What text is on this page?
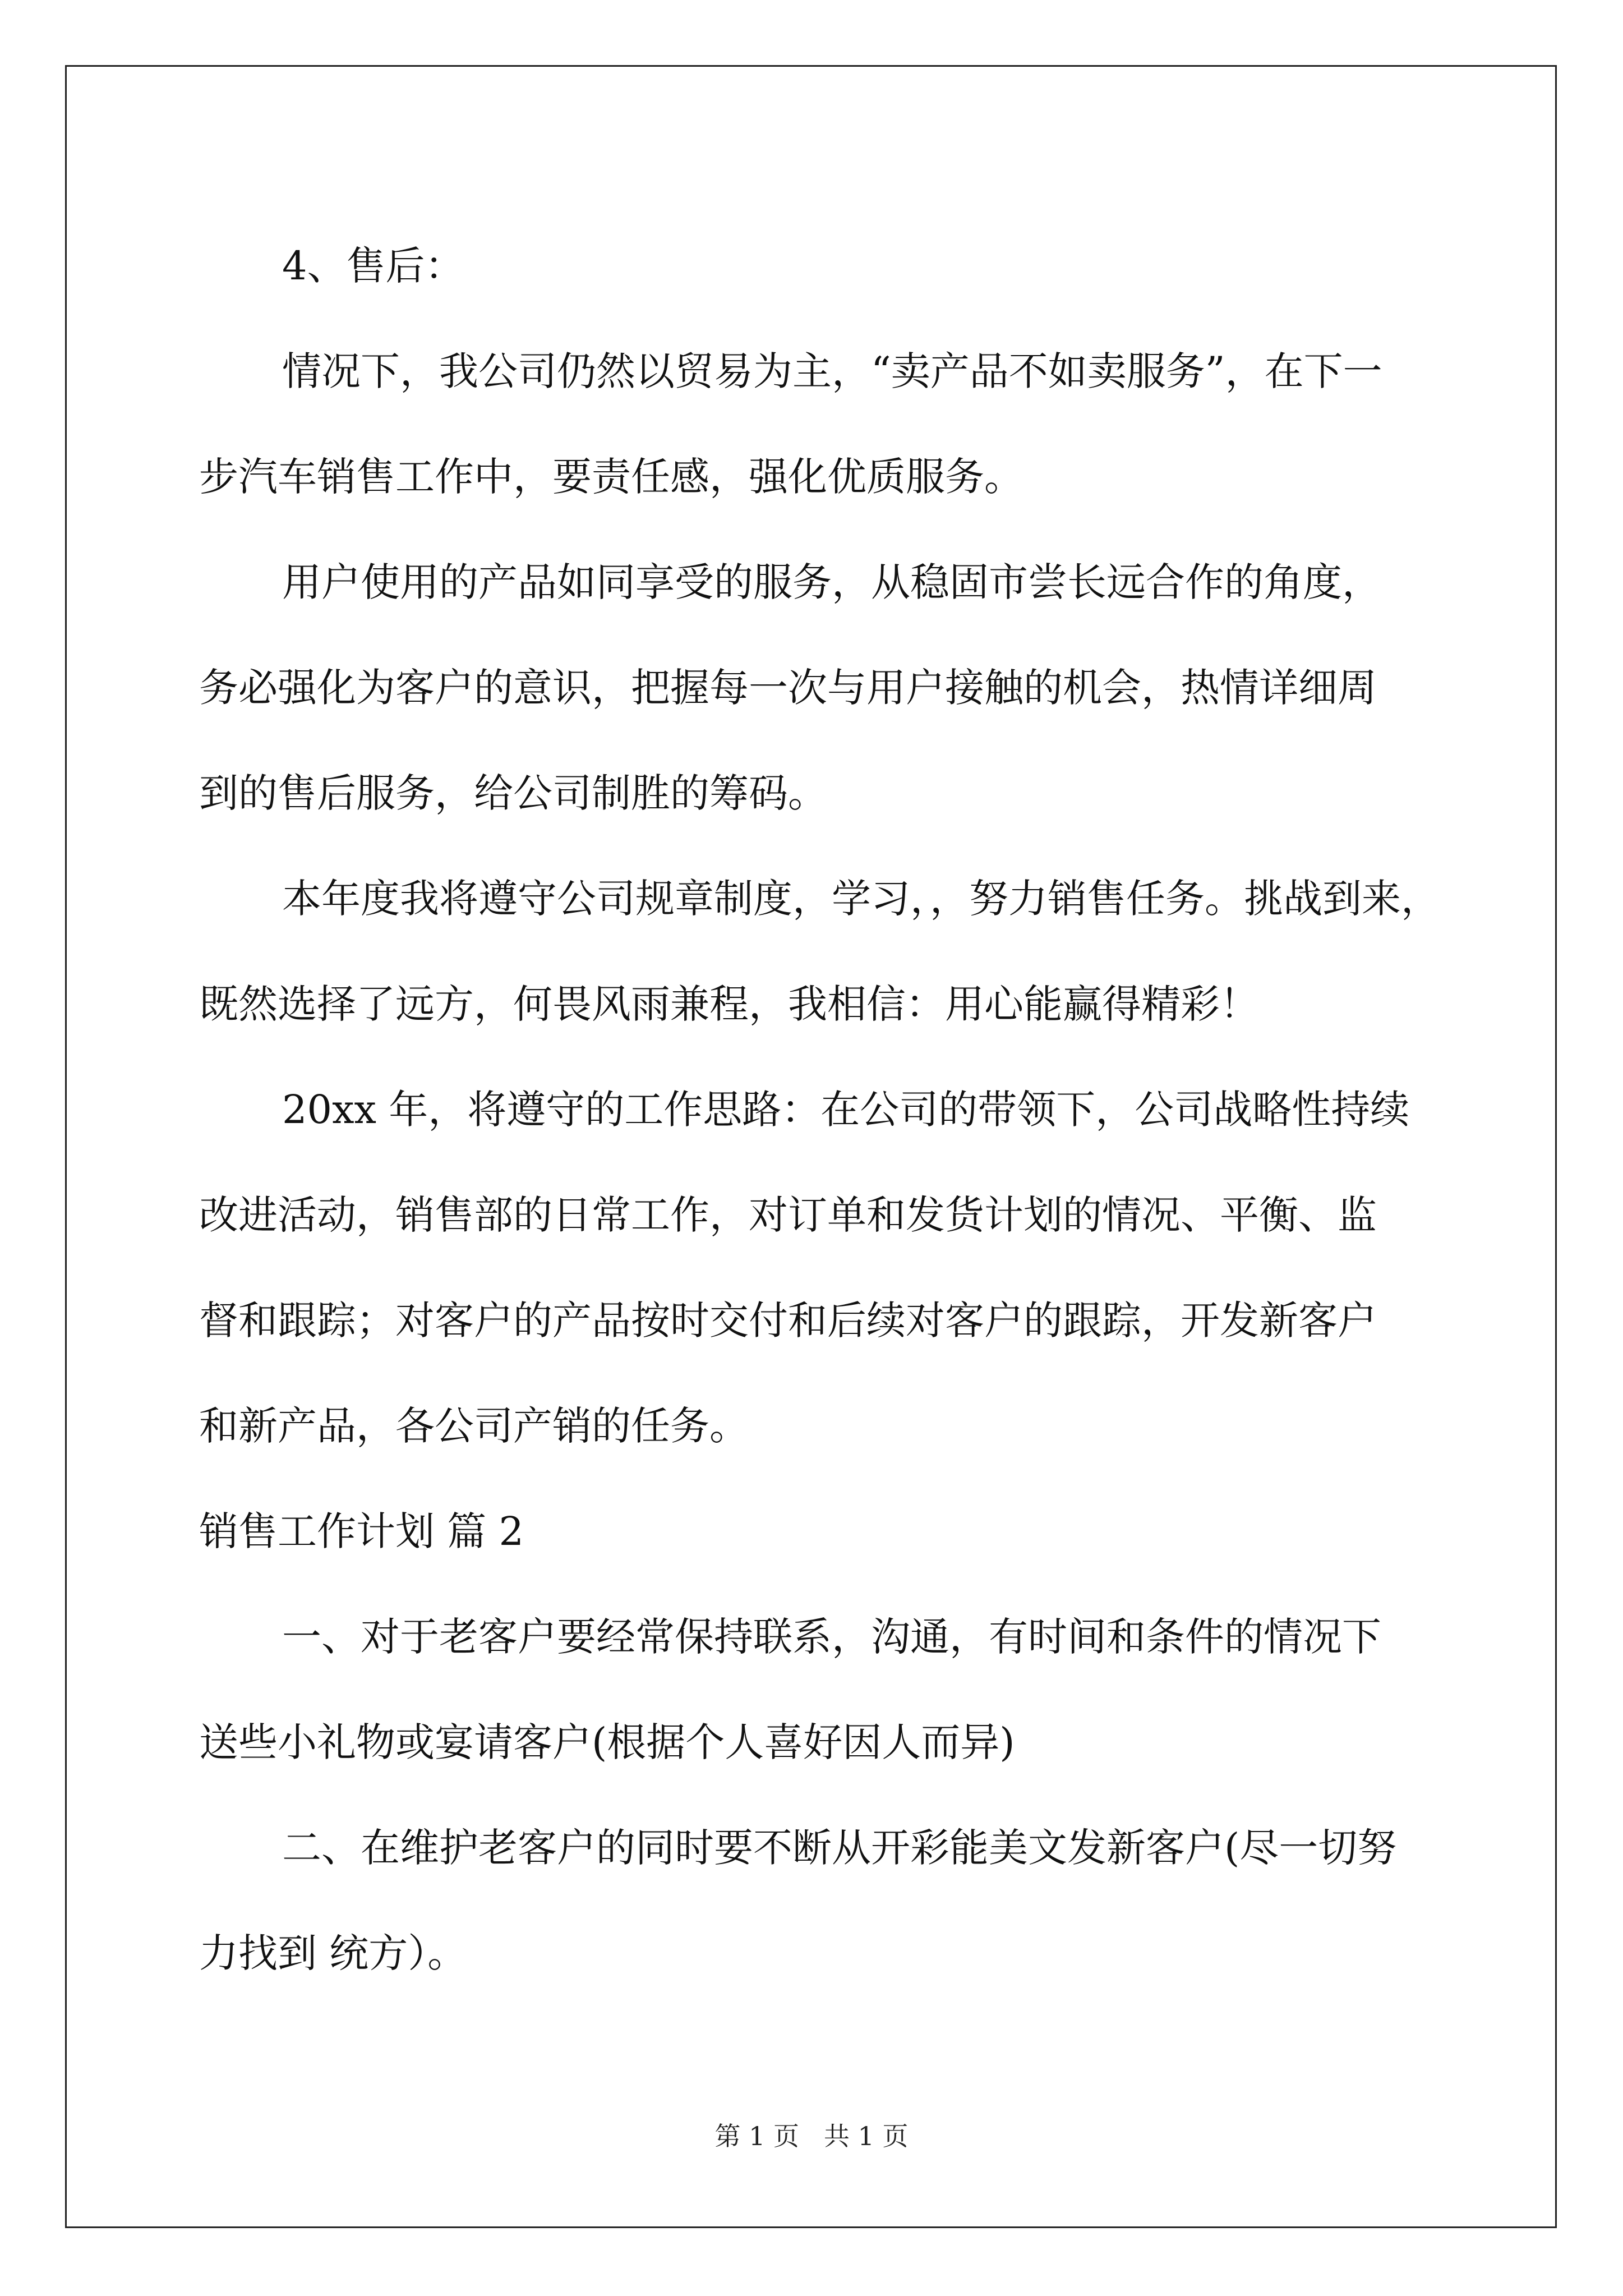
4、售后：
情况下，我公司仍然以贸易为主，“卖产品不如卖服务”，在下一
步汽车销售工作中，要责任感，强化优质服务。
用户使用的产品如同享受的服务，从稳固市尝长远合作的角度，
务必强化为客户的意识，把握每一次与用户接触的机会，热情详细周
到的售后服务，给公司制胜的筹码。
本年度我将遵守公司规章制度，学习，，努力销售任务。挑战到来，
既然选择了远方，何畏风雨兼程，我相信：用心能赢得精彩！
20xx 年，将遵守的工作思路：在公司的带领下，公司战略性持续
改进活动，销售部的日常工作，对订单和发货计划的情况、平衡、监
督和跟踪；对客户的产品按时交付和后续对客户的跟踪，开发新客户
和新产品，各公司产销的任务。
销售工作计划 篇 2
一、对于老客户要经常保持联系，沟通，有时间和条件的情况下
送些小礼物或宴请客户(根据个人喜好因人而异)
二、在维护老客户的同时要不断从开彩能美文发新客户(尽一切努
力找到 统方）。

第 1 页 共 1 页
